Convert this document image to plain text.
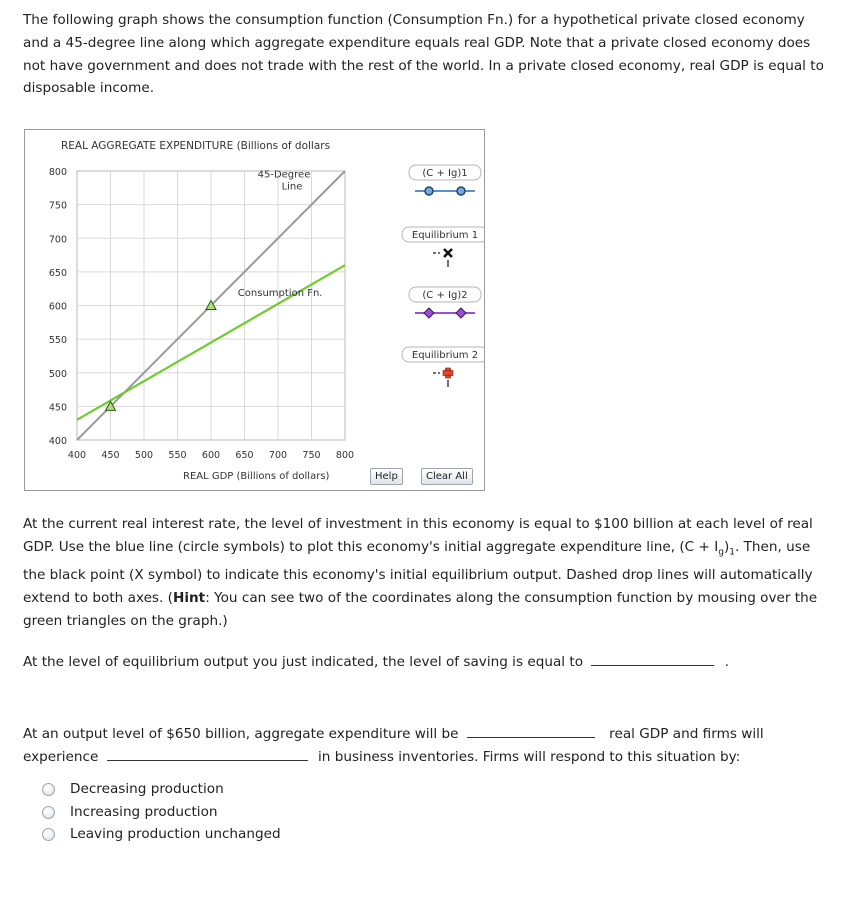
The following graph shows the consumption function (Consumption Fn.) for a hypothetical private closed economy and a 45-degree line along which aggregate expenditure equals real GDP. Note that a private closed economy does not have government and does not trade with the rest of the world. In a private closed economy, real GDP is equal to disposable income.
REAL AGGREGATE EXPENDITURE (Billions of dollars
45-Degree
Line
Consumption Fn.
400 450 500 550 600 650 700 750 800
800
750
700
650
600
550
500
450
400
REAL GDP (Billions of dollars)
(C + Ig)1
Equilibrium 1
(C + Ig)2
Equilibrium 2
Help	Clear All
At the current real interest rate, the level of investment in this economy is equal to $100 billion at each level of real GDP. Use the blue line (circle symbols) to plot this economy's initial aggregate expenditure line, $(C + I_g)_1$. Then, use the black point (X symbol) to indicate this economy's initial equilibrium output. Dashed drop lines will automatically extend to both axes. (Hint: You can see two of the coordinates along the consumption function by mousing over the green triangles on the graph.)
At the level of equilibrium output you just indicated, the level of saving is equal to	.
At an output level of $650 billion, aggregate expenditure will be	real GDP and firms will
experience	in business inventories. Firms will respond to this situation by:
Decreasing production
Increasing production
Leaving production unchanged
